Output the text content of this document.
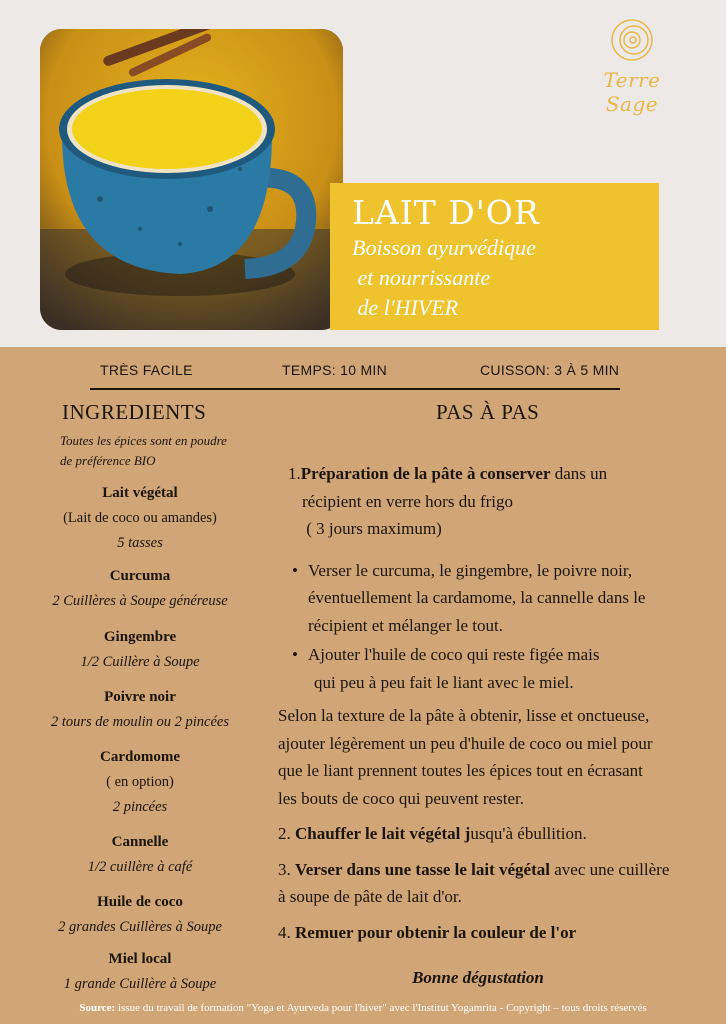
Terre Sage
LAIT D'OR
Boisson ayurvédique
et nourrissante
de l'HIVER
TRÈS FACILE	TEMPS: 10 MIN	CUISSON: 3 À 5 MIN
INGREDIENTS
Toutes les épices sont en poudre
de préférence BIO
Lait végétal
(Lait de coco ou amandes)
5 tasses
Curcuma
2 Cuillères à Soupe généreuse
Gingembre
1/2 Cuillère à Soupe
Poivre noir
2 tours de moulin ou 2 pincées
Cardomome
( en option)
2 pincées
Cannelle
1/2 cuillère à café
Huile de coco
2 grandes Cuillères à Soupe
Miel local
1 grande Cuillère à Soupe
PAS À PAS
1.Préparation de la pâte à conserver dans un
récipient en verre hors du frigo
( 3 jours maximum)
• Verser le curcuma, le gingembre, le poivre noir,
éventuellement la cardamome, la cannelle dans le
récipient et mélanger le tout.
• Ajouter l'huile de coco qui reste figée mais
qui peu à peu fait le liant avec le miel.
Selon la texture de la pâte à obtenir, lisse et onctueuse,
ajouter légèrement un peu d'huile de coco ou miel pour
que le liant prennent toutes les épices tout en écrasant
les bouts de coco qui peuvent rester.
2. Chauffer le lait végétal jusqu'à ébullition.
3. Verser dans une tasse le lait végétal avec une cuillère
à soupe de pâte de lait d'or.
4. Remuer pour obtenir la couleur de l'or
Bonne dégustation
Source: issue du travail de formation "Yoga et Ayurveda pour l'hiver" avec l'Institut Yogamrita - Copyright – tous droits réservés
